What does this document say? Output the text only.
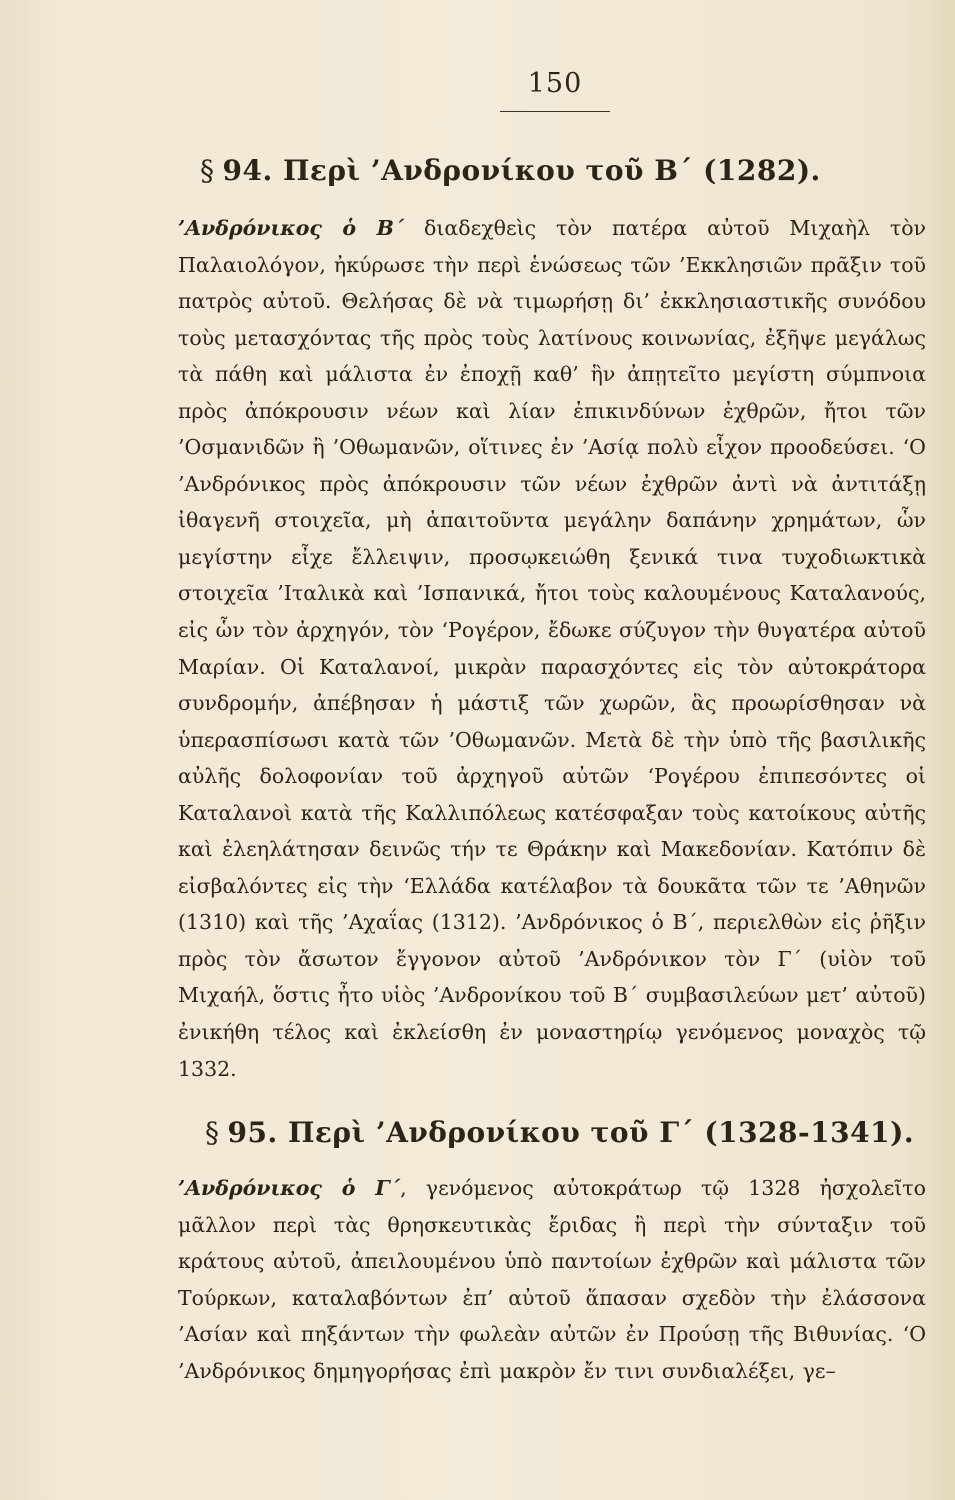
150
§ 94. Περὶ ’Ανδρονίκου τοῦ Β΄ (1282).
’Ανδρόνικος ὁ Β΄ διαδεχθεὶς τὸν πατέρα αὐτοῦ Μιχαὴλ τὸν Παλαιολόγον, ἠκύρωσε τὴν περὶ ἑνώσεως τῶν ’Εκκλησιῶν πρᾶξιν τοῦ πατρὸς αὐτοῦ. Θελήσας δὲ νὰ τιμωρήσῃ δι’ ἐκκλησιαστικῆς συνόδου τοὺς μετασχόντας τῆς πρὸς τοὺς λατίνους κοινωνίας, ἐξῆψε μεγάλως τὰ πάθη καὶ μάλιστα ἐν ἐποχῇ καθ’ ἣν ἀπῃτεῖτο μεγίστη σύμπνοια πρὸς ἀπόκρουσιν νέων καὶ λίαν ἐπικινδύνων ἐχθρῶν, ἤτοι τῶν ’Οσμανιδῶν ἢ ’Οθωμανῶν, οἵτινες ἐν ’Ασίᾳ πολὺ εἶχον προοδεύσει. ‘Ο ’Ανδρόνικος πρὸς ἀπόκρουσιν τῶν νέων ἐχθρῶν ἀντὶ νὰ ἀντιτάξῃ ἰθαγενῆ στοιχεῖα, μὴ ἀπαιτοῦντα μεγάλην δαπάνην χρημάτων, ὧν μεγίστην εἶχε ἔλλειψιν, προσῳκειώθη ξενικά τινα τυχοδιωκτικὰ στοιχεῖα ’Ιταλικὰ καὶ ’Ισπανικά, ἤτοι τοὺς καλουμένους Καταλανούς, εἰς ὧν τὸν ἀρχηγόν, τὸν ‘Ρογέρον, ἔδωκε σύζυγον τὴν θυγατέρα αὐτοῦ Μαρίαν. Οἱ Καταλανοί, μικρὰν παρασχόντες εἰς τὸν αὐτοκράτορα συνδρομήν, ἀπέβησαν ἡ μάστιξ τῶν χωρῶν, ἃς προωρίσθησαν νὰ ὑπερασπίσωσι κατὰ τῶν ’Οθωμανῶν. Μετὰ δὲ τὴν ὑπὸ τῆς βασιλικῆς αὐλῆς δολοφονίαν τοῦ ἀρχηγοῦ αὐτῶν ‘Ρογέρου ἐπιπεσόντες οἱ Καταλανοὶ κατὰ τῆς Καλλιπόλεως κατέσφαξαν τοὺς κατοίκους αὐτῆς καὶ ἐλεηλάτησαν δεινῶς τήν τε Θράκην καὶ Μακεδονίαν. Κατόπιν δὲ εἰσβαλόντες εἰς τὴν ‘Ελλάδα κατέλαβον τὰ δουκᾶτα τῶν τε ’Αθηνῶν (1310) καὶ τῆς ’Αχαΐας (1312). ’Ανδρόνικος ὁ Β΄, περιελθὼν εἰς ῥῆξιν πρὸς τὸν ἄσωτον ἔγγονον αὐτοῦ ’Ανδρόνικον τὸν Γ΄ (υἱὸν τοῦ Μιχαήλ, ὅστις ἦτο υἱὸς ’Ανδρονίκου τοῦ Β΄ συμβασιλεύων μετ’ αὐτοῦ) ἐνικήθη τέλος καὶ ἐκλείσθη ἐν μοναστηρίῳ γενόμενος μοναχὸς τῷ 1332.
§ 95. Περὶ ’Ανδρονίκου τοῦ Γ΄ (1328-1341).
’Ανδρόνικος ὁ Γ΄, γενόμενος αὐτοκράτωρ τῷ 1328 ἠσχολεῖτο μᾶλλον περὶ τὰς θρησκευτικὰς ἔριδας ἢ περὶ τὴν σύνταξιν τοῦ κράτους αὐτοῦ, ἀπειλουμένου ὑπὸ παντοίων ἐχθρῶν καὶ μάλιστα τῶν Τούρκων, καταλαβόντων ἐπ’ αὐτοῦ ἅπασαν σχεδὸν τὴν ἐλάσσονα ’Ασίαν καὶ πηξάντων τὴν φωλεὰν αὐτῶν ἐν Προύσῃ τῆς Βιθυνίας. ‘Ο ’Ανδρόνικος δημηγορήσας ἐπὶ μακρὸν ἔν τινι συνδιαλέξει, γε–
